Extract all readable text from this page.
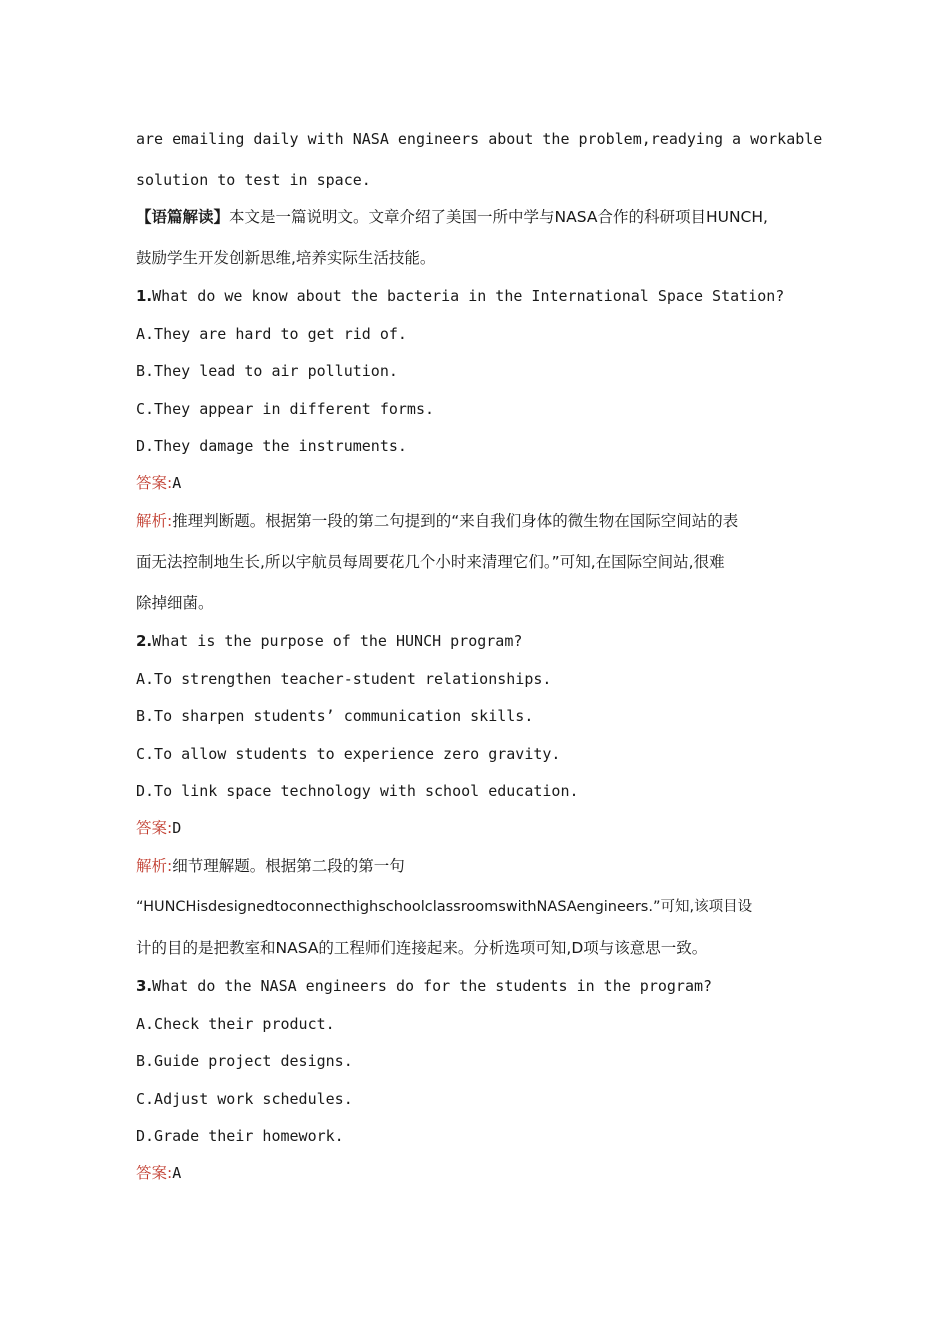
are emailing daily with NASA engineers about the problem,readying a workable
solution to test in space.
【语篇解读】本文是一篇说明文。文章介绍了美国一所中学与NASA合作的科研项目HUNCH,
鼓励学生开发创新思维,培养实际生活技能。
1.What do we know about the bacteria in the International Space Station?
A.They are hard to get rid of.
B.They lead to air pollution.
C.They appear in different forms.
D.They damage the instruments.
答案:A
解析:推理判断题。根据第一段的第二句提到的“来自我们身体的微生物在国际空间站的表
面无法控制地生长,所以宇航员每周要花几个小时来清理它们。”可知,在国际空间站,很难
除掉细菌。
2.What is the purpose of the HUNCH program?
A.To strengthen teacher-student relationships.
B.To sharpen students’ communication skills.
C.To allow students to experience zero gravity.
D.To link space technology with school education.
答案:D
解析:细节理解题。根据第二段的第一句
“HUNCHisdesignedtoconnecthighschoolclassroomswithNASAengineers.”可知,该项目设
计的目的是把教室和NASA的工程师们连接起来。分析选项可知,D项与该意思一致。
3.What do the NASA engineers do for the students in the program?
A.Check their product.
B.Guide project designs.
C.Adjust work schedules.
D.Grade their homework.
答案:A
